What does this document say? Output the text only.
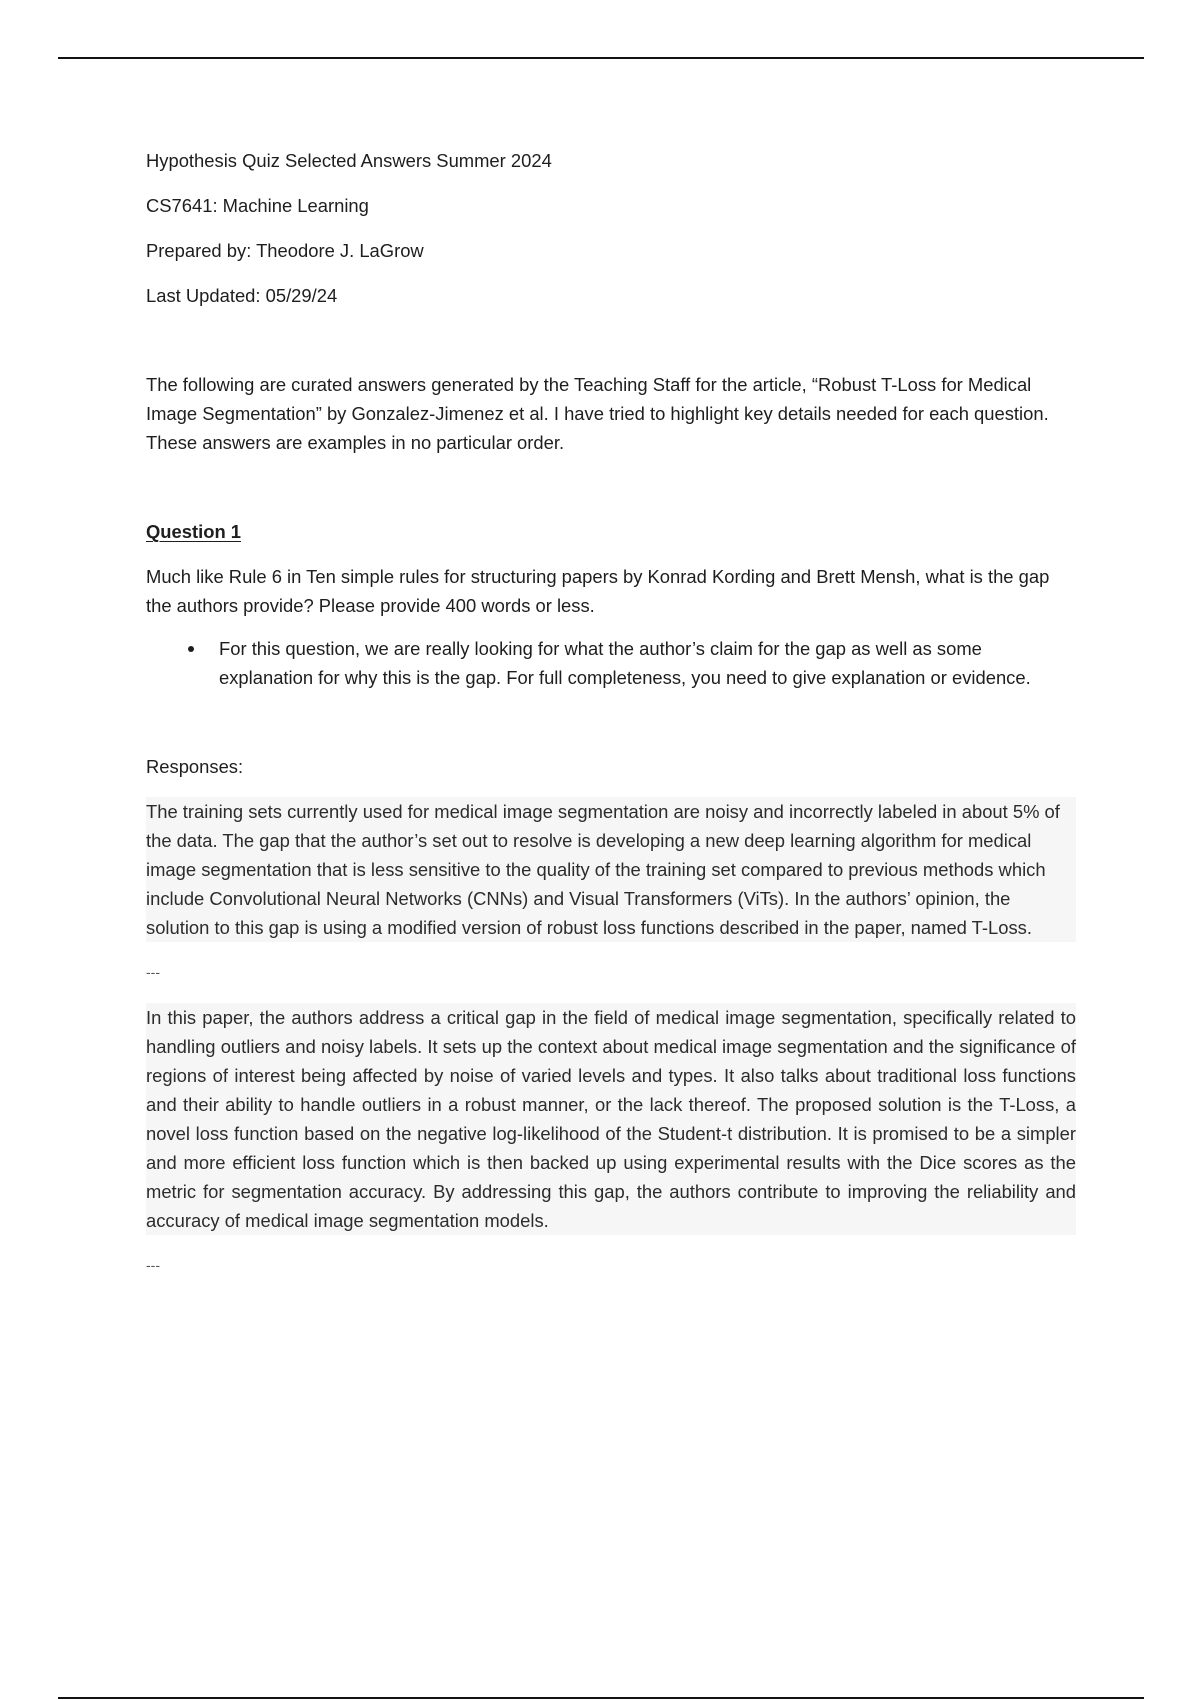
Hypothesis Quiz Selected Answers Summer 2024

CS7641: Machine Learning

Prepared by: Theodore J. LaGrow

Last Updated: 05/29/24

The following are curated answers generated by the Teaching Staff for the article, “Robust T-Loss for Medical Image Segmentation” by Gonzalez-Jimenez et al. I have tried to highlight key details needed for each question. These answers are examples in no particular order.

Question 1

Much like Rule 6 in Ten simple rules for structuring papers by Konrad Kording and Brett Mensh, what is the gap the authors provide? Please provide 400 words or less.

For this question, we are really looking for what the author’s claim for the gap as well as some explanation for why this is the gap. For full completeness, you need to give explanation or evidence.

Responses:

The training sets currently used for medical image segmentation are noisy and incorrectly labeled in about 5% of the data. The gap that the author’s set out to resolve is developing a new deep learning algorithm for medical image segmentation that is less sensitive to the quality of the training set compared to previous methods which include Convolutional Neural Networks (CNNs) and Visual Transformers (ViTs). In the authors’ opinion, the solution to this gap is using a modified version of robust loss functions described in the paper, named T-Loss.

---

In this paper, the authors address a critical gap in the field of medical image segmentation, specifically related to handling outliers and noisy labels. It sets up the context about medical image segmentation and the significance of regions of interest being affected by noise of varied levels and types. It also talks about traditional loss functions and their ability to handle outliers in a robust manner, or the lack thereof. The proposed solution is the T-Loss, a novel loss function based on the negative log-likelihood of the Student-t distribution. It is promised to be a simpler and more efficient loss function which is then backed up using experimental results with the Dice scores as the metric for segmentation accuracy. By addressing this gap, the authors contribute to improving the reliability and accuracy of medical image segmentation models.

---
